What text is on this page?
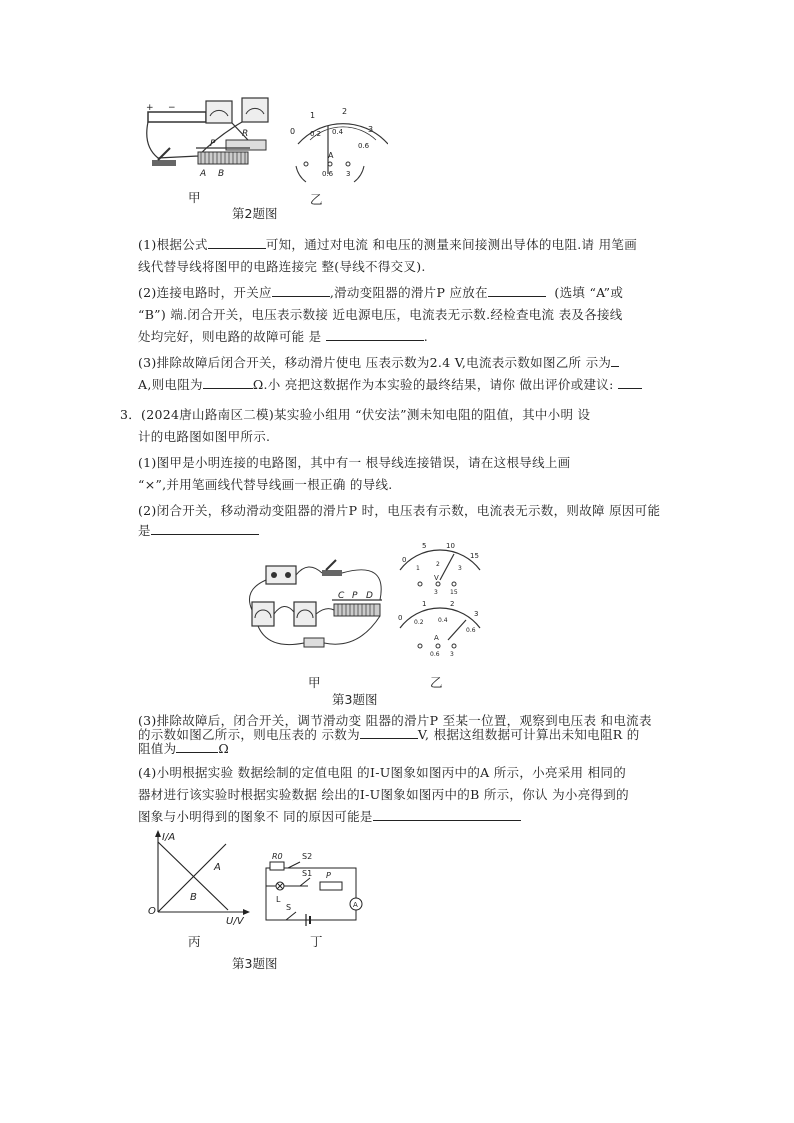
+ −
P
A B
R	0
1	2
3
0.2 0.4
0.6
A
0.6 3
甲	乙
第2题图
(1)根据公式	可知，通过对电流 和电压的测量来间接测出导体的电阻.请 用笔画
线代替导线将图甲的电路连接完 整(导线不得交叉).
(2)连接电路时，开关应	,滑动变阻器的滑片P 应放在	(选填 “A”或
“B”) 端.闭合开关，电压表示数接 近电源电压，电流表无示数.经检查电流 表及各接线
处均完好，则电路的故障可能 是	.
(3)排除故障后闭合开关，移动滑片使电 压表示数为2.4 V,电流表示数如图乙所 示为
A,则电阻为	Ω.小 亮把这数据作为本实验的最终结果，请你 做出评价或建议:
3．(2024唐山路南区二模)某实验小组用 “伏安法”测未知电阻的阻值，其中小明 设
计的电路图如图甲所示.
(1)图甲是小明连接的电路图，其中有一 根导线连接错误，请在这根导线上画
“×”,并用笔画线代替导线画一根正确 的导线.
(2)闭合开关，移动滑动变阻器的滑片P 时，电压表有示数，电流表无示数，则故障 原因可能
是
C P D
0
5	10
15
1
2
3
V
3 15
0
1	2
3
0.2 0.4
0.6
A
0.6 3
甲	乙
第3题图
(3)排除故障后，闭合开关，调节滑动变 阻器的滑片P 至某一位置，观察到电压表 和电流表
的示数如图乙所示，则电压表的 示数为	V, 根据这组数据可计算出未知电阻R 的
阻值为	Ω
(4)小明根据实验 数据绘制的定值电阻 的I-U图象如图丙中的A 所示，小亮采用 相同的
器材进行该实验时根据实验数据 绘出的I-U图象如图丙中的B 所示，你认 为小亮得到的
图象与小明得到的图象不 同的原因可能是
I/A
U/V
O
A
B
R0 S2
S1 P
L
S	A
丙	丁
第3题图
